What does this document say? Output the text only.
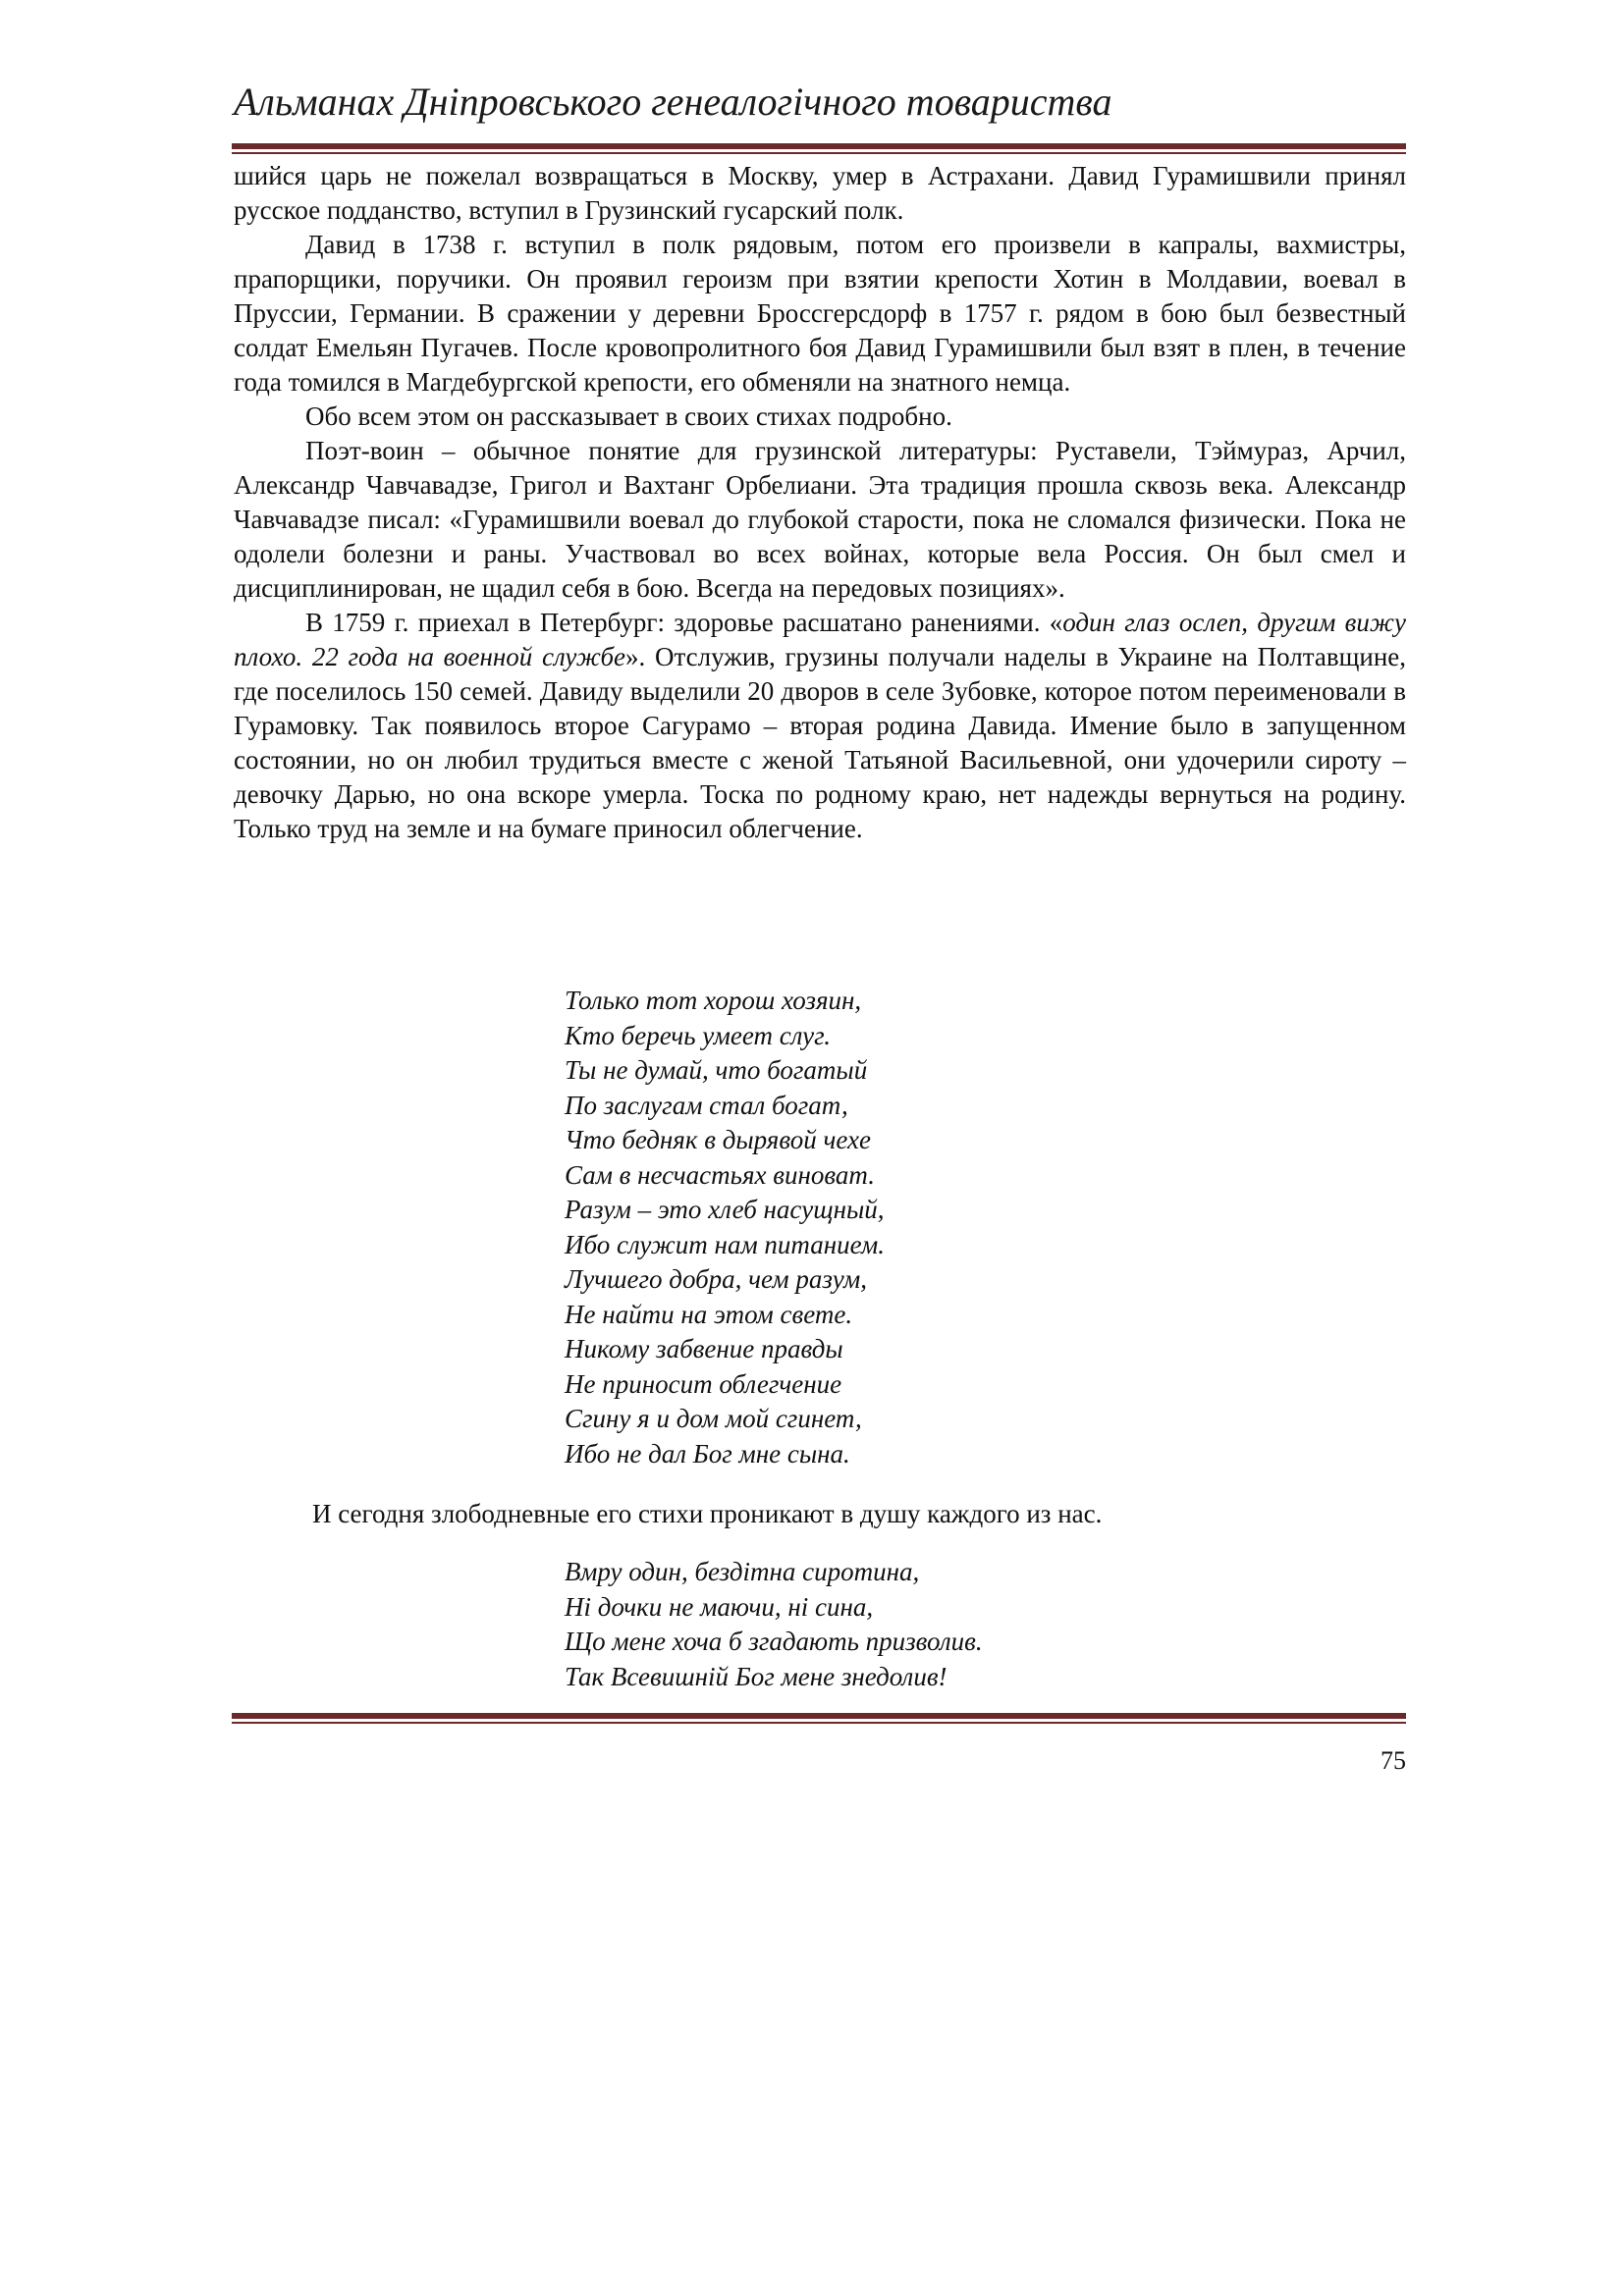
Альманах Дніпровського генеалогічного товариства

шийся царь не пожелал возвращаться в Москву, умер в Астрахани. Давид Гурамишвили принял русское подданство, вступил в Грузинский гусарский полк.

Давид в 1738 г. вступил в полк рядовым, потом его произвели в капралы, вахмистры, прапорщики, поручики. Он проявил героизм при взятии крепости Хотин в Молдавии, воевал в Пруссии, Германии. В сражении у деревни Броссгерсдорф в 1757 г. рядом в бою был безвестный солдат Емельян Пугачев. После кровопролитного боя Давид Гурамишвили был взят в плен, в течение года томился в Магдебургской крепости, его обменяли на знатного немца.

Обо всем этом он рассказывает в своих стихах подробно.

Поэт-воин – обычное понятие для грузинской литературы: Руставели, Тэймураз, Арчил, Александр Чавчавадзе, Григол и Вахтанг Орбелиани. Эта традиция прошла сквозь века. Александр Чавчавадзе писал: «Гурамишвили воевал до глубокой старости, пока не сломался физически. Пока не одолели болезни и раны. Участвовал во всех войнах, которые вела Россия. Он был смел и дисциплинирован, не щадил себя в бою. Всегда на передовых позициях».

В 1759 г. приехал в Петербург: здоровье расшатано ранениями. «один глаз ослеп, другим вижу плохо. 22 года на военной службе». Отслужив, грузины получали наделы в Украине на Полтавщине, где поселилось 150 семей. Давиду выделили 20 дворов в селе Зубовке, которое потом переименовали в Гурамовку. Так появилось второе Сагурамо – вторая родина Давида. Имение было в запущенном состоянии, но он любил трудиться вместе с женой Татьяной Васильевной, они удочерили сироту – девочку Дарью, но она вскоре умерла. Тоска по родному краю, нет надежды вернуться на родину. Только труд на земле и на бумаге приносил облегчение.

Только тот хорош хозяин,
Кто беречь умеет слуг.
Ты не думай, что богатый
По заслугам стал богат,
Что бедняк в дырявой чехе
Сам в несчастьях виноват.
Разум – это хлеб насущный,
Ибо служит нам питанием.
Лучшего добра, чем разум,
Не найти на этом свете.
Никому забвение правды
Не приносит облегчение
Сгину я и дом мой сгинет,
Ибо не дал Бог мне сына.
И сегодня злободневные его стихи проникают в душу каждого из нас.
Вмру один, бездітна сиротина,
Ні дочки не маючи, ні сина,
Що мене хоча б згадають призволив.
Так Всевишній Бог мене знедолив!
75
